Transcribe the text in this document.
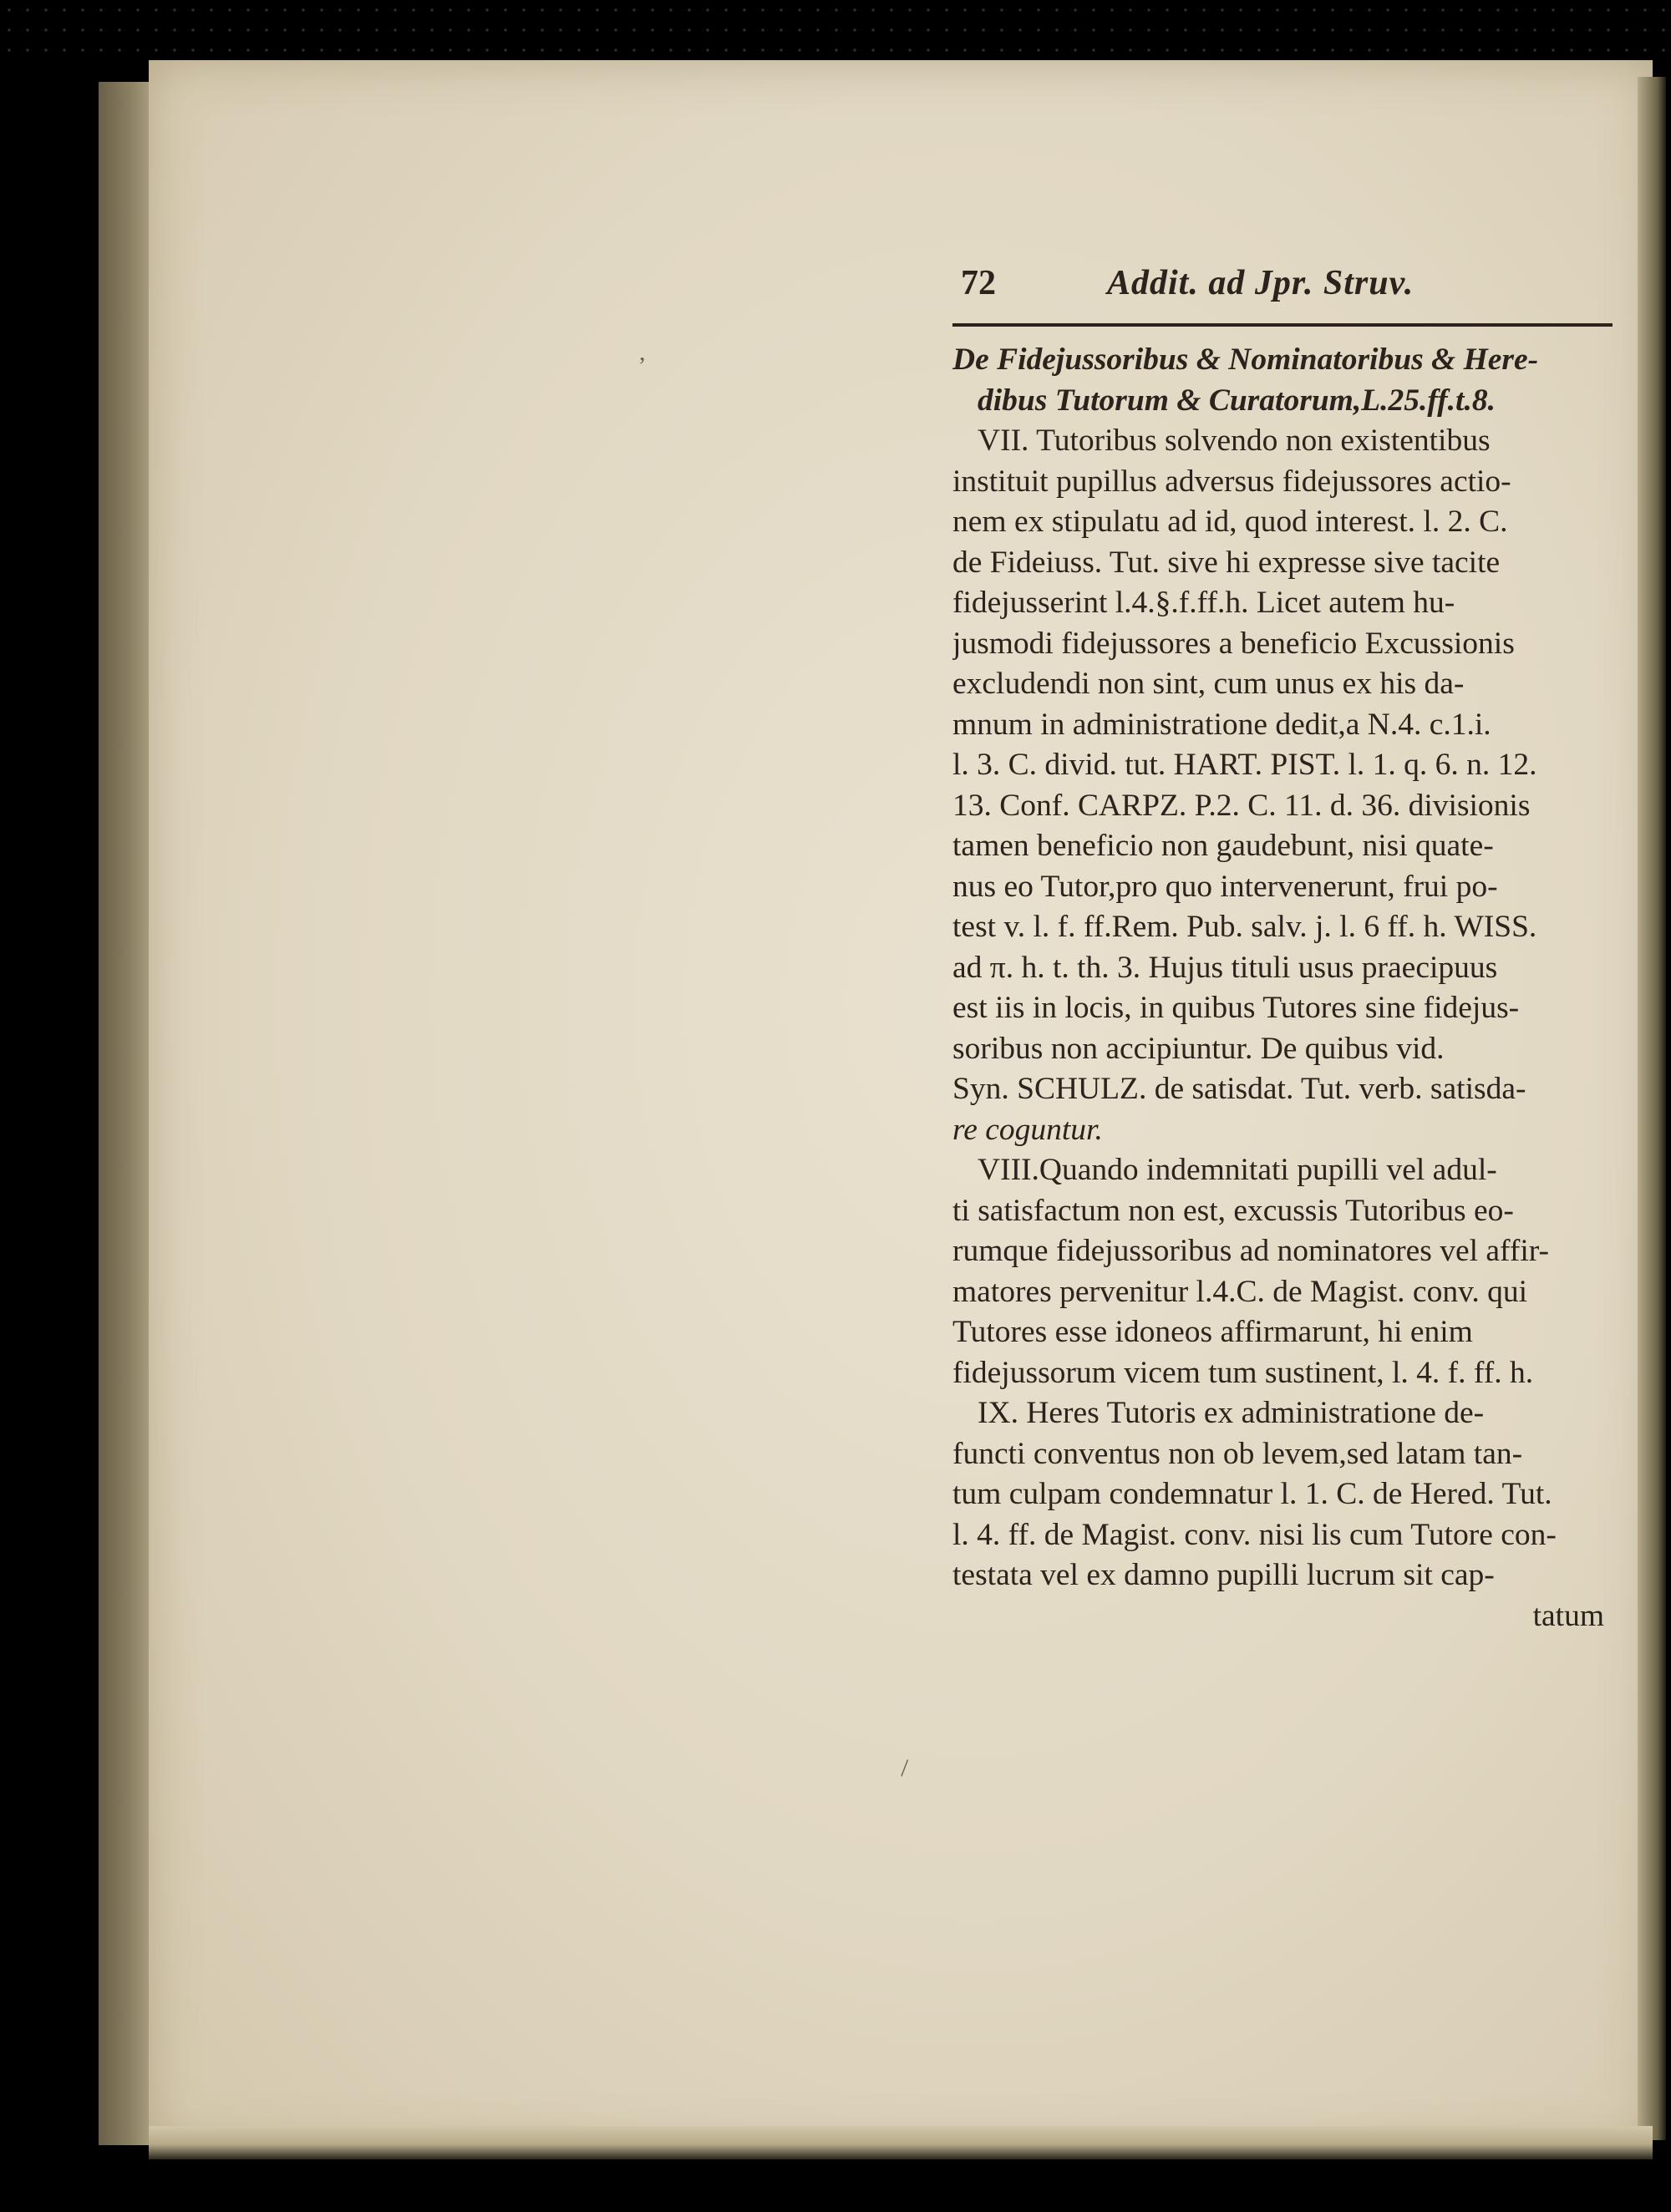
,
\
72	Addit. ad Jpr. Struv.
De Fidejussoribus & Nominatoribus & Here-
dibus Tutorum & Curatorum,L.25.ff.t.8.
VII. Tutoribus solvendo non existentibus
instituit pupillus adversus fidejussores actio-
nem ex stipulatu ad id, quod interest. l. 2. C.
de Fideiuss. Tut. sive hi expresse sive tacite
fidejusserint l.4.§.f.ff.h. Licet autem hu-
jusmodi fidejussores a beneficio Excussionis
excludendi non sint, cum unus ex his da-
mnum in administratione dedit,a N.4. c.1.i.
l. 3. C. divid. tut. HART. PIST. l. 1. q. 6. n. 12.
13. Conf. CARPZ. P.2. C. 11. d. 36. divisionis
tamen beneficio non gaudebunt, nisi quate-
nus eo Tutor,pro quo intervenerunt, frui po-
test v. l. f. ff.Rem. Pub. salv. j. l. 6 ff. h. WISS.
ad π. h. t. th. 3. Hujus tituli usus praecipuus
est iis in locis, in quibus Tutores sine fidejus-
soribus non accipiuntur. De quibus vid.
Syn. SCHULZ. de satisdat. Tut. verb. satisda-
re coguntur.
VIII.Quando indemnitati pupilli vel adul-
ti satisfactum non est, excussis Tutoribus eo-
rumque fidejussoribus ad nominatores vel affir-
matores pervenitur l.4.C. de Magist. conv. qui
Tutores esse idoneos affirmarunt, hi enim
fidejussorum vicem tum sustinent, l. 4. f. ff. h.
IX. Heres Tutoris ex administratione de-
functi conventus non ob levem,sed latam tan-
tum culpam condemnatur l. 1. C. de Hered. Tut.
l. 4. ff. de Magist. conv. nisi lis cum Tutore con-
testata vel ex damno pupilli lucrum sit cap-
tatum
